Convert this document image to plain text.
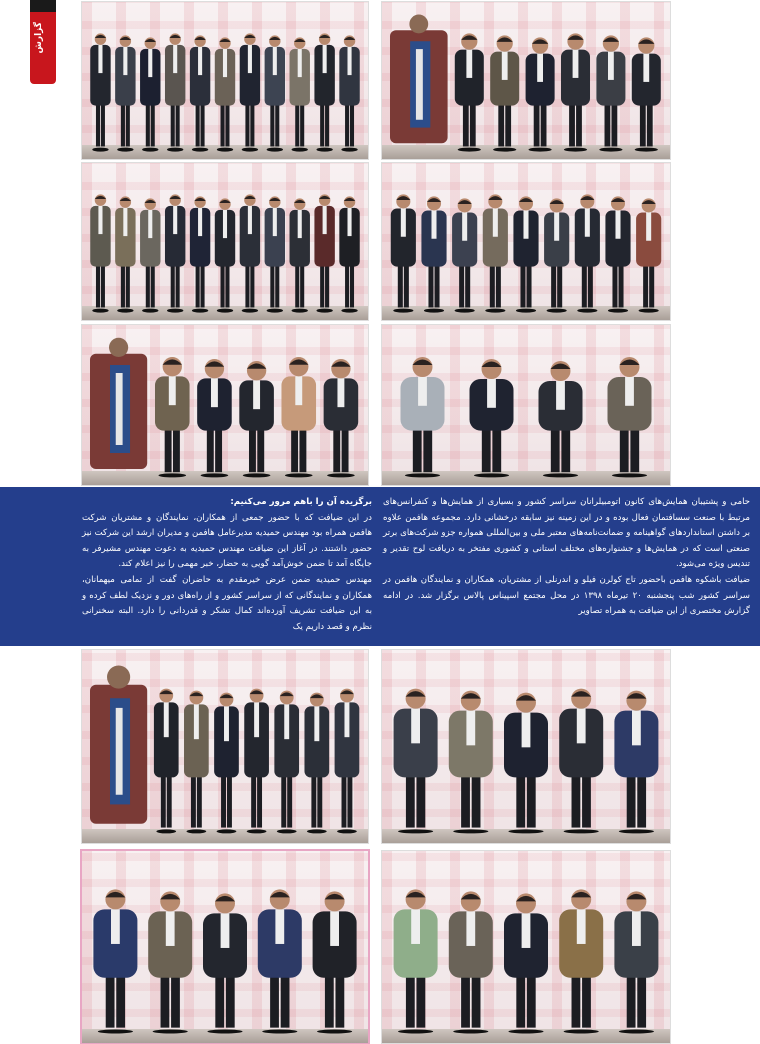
گزارش

حامی و پشتیبان همایش‌های کانون اتومبیلرانان سراسر کشور و بسیاری از همایش‌ها و کنفرانس‌های مرتبط با صنعت سسافتمان فعال بوده و در این زمینه نیز سابقه درخشانی دارد. مجموعه هافمن علاوه بر داشتن استانداردهای گواهینامه و ضمانت‌نامه‌های معتبر ملی و بین‌المللی همواره جزو شرکت‌های برتر صنعتی است که در همایش‌ها و جشنواره‌های مختلف استانی و کشوری مفتخر به دریافت لوح تقدیر و تندیس ویژه می‌شود.

ضیافت باشکوه هافمن باحضور تاج کولرن فیلو و اندرنلی از مشتریان، همکاران و نمایندگان هافمن در سراسر کشور شب پنجشنبه ۲۰ تیرماه ۱۳۹۸ در محل مجتمع اسپیناس پالاس برگزار شد. در ادامه گزارش مختصری از این ضیافت به همراه تصاویر

برگزیده آن را باهم مرور می‌کنیم:

در این ضیافت که با حضور جمعی از همکاران، نمایندگان و مشتریان شرکت هافمن همراه بود مهندس حمیدیه مدیرعامل هافمن و مدیران ارشد این شرکت نیز حضور داشتند. در آغاز این ضیافت مهندس حمیدیه به دعوت مهندس مشیرفر به جایگاه آمد تا ضمن خوش‌آمد گویی به حضار، خبر مهمی را نیز اعلام کند.

مهندس حمیدیه ضمن عرض خیرمقدم به حاضران گفت از تمامی میهمانان، همکاران و نمایندگانی که از سراسر کشور و از راه‌های دور و نزدیک لطف کرده و به این ضیافت تشریف آورده‌اند کمال تشکر و قدردانی را دارد. البته سخنرانی نظرم و قصد داریم یک
